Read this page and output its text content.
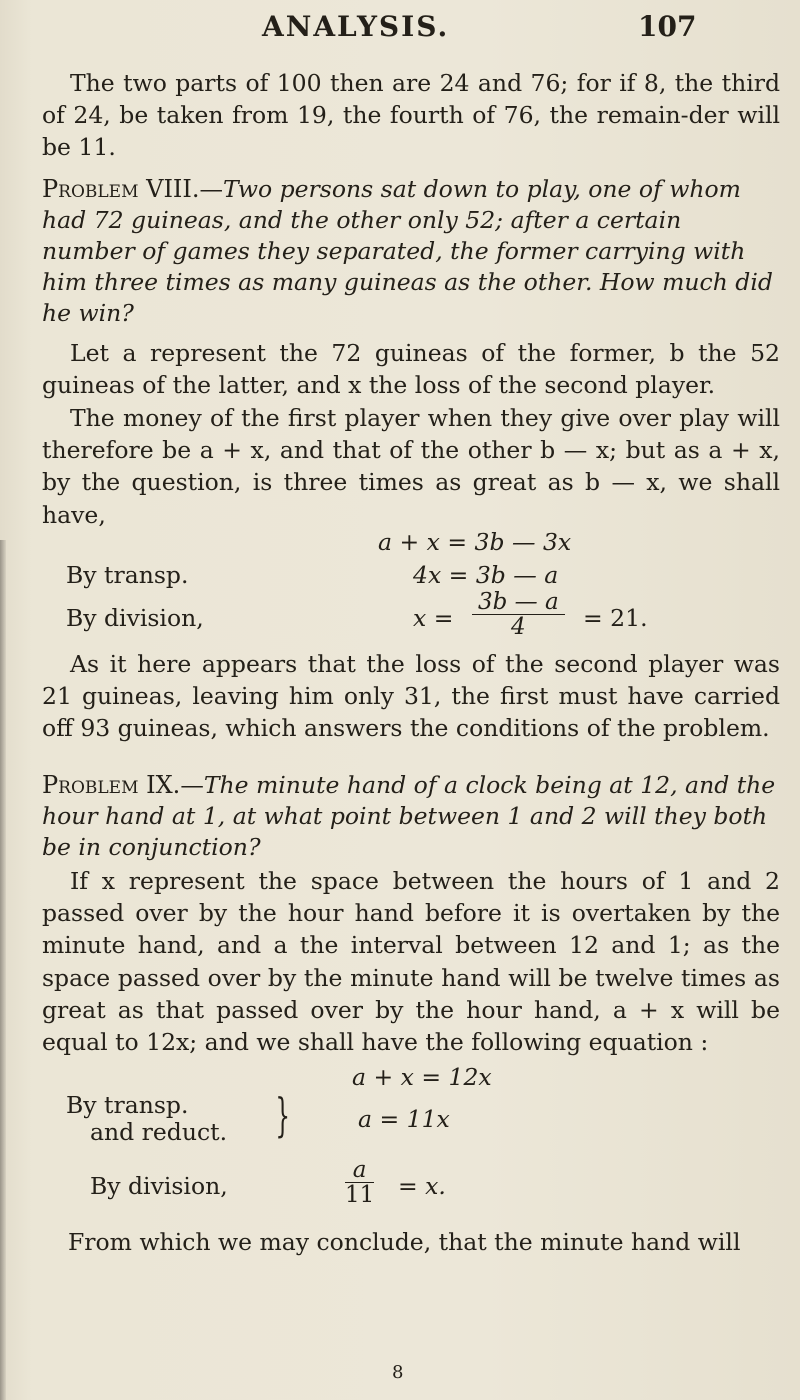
ANALYSIS.	107

The two parts of 100 then are 24 and 76; for if 8, the third of 24, be taken from 19, the fourth of 76, the remain-der will be 11.

Problem VIII.—Two persons sat down to play, one of whom had 72 guineas, and the other only 52; after a certain number of games they separated, the former carrying with him three times as many guineas as the other. How much did he win?

Let a represent the 72 guineas of the former, b the 52 guineas of the latter, and x the loss of the second player.

The money of the first player when they give over play will therefore be a + x, and that of the other b — x; but as a + x, by the question, is three times as great as b — x, we shall have,

a + x = 3b — 3x
By transp.	4x = 3b — a
By division,	$x = \frac{3b — a}{4} = 21$.

As it here appears that the loss of the second player was 21 guineas, leaving him only 31, the first must have carried off 93 guineas, which answers the conditions of the problem.

Problem IX.—The minute hand of a clock being at 12, and the hour hand at 1, at what point between 1 and 2 will they both be in conjunction?

If x represent the space between the hours of 1 and 2 passed over by the hour hand before it is overtaken by the minute hand, and a the interval between 12 and 1; as the space passed over by the minute hand will be twelve times as great as that passed over by the hour hand, a + x will be equal to 12x; and we shall have the following equation :

a + x = 12x
By transp.
and reduct. }	a = 11x
By division,	$\frac{a}{11} = x$.

From which we may conclude, that the minute hand will

8
